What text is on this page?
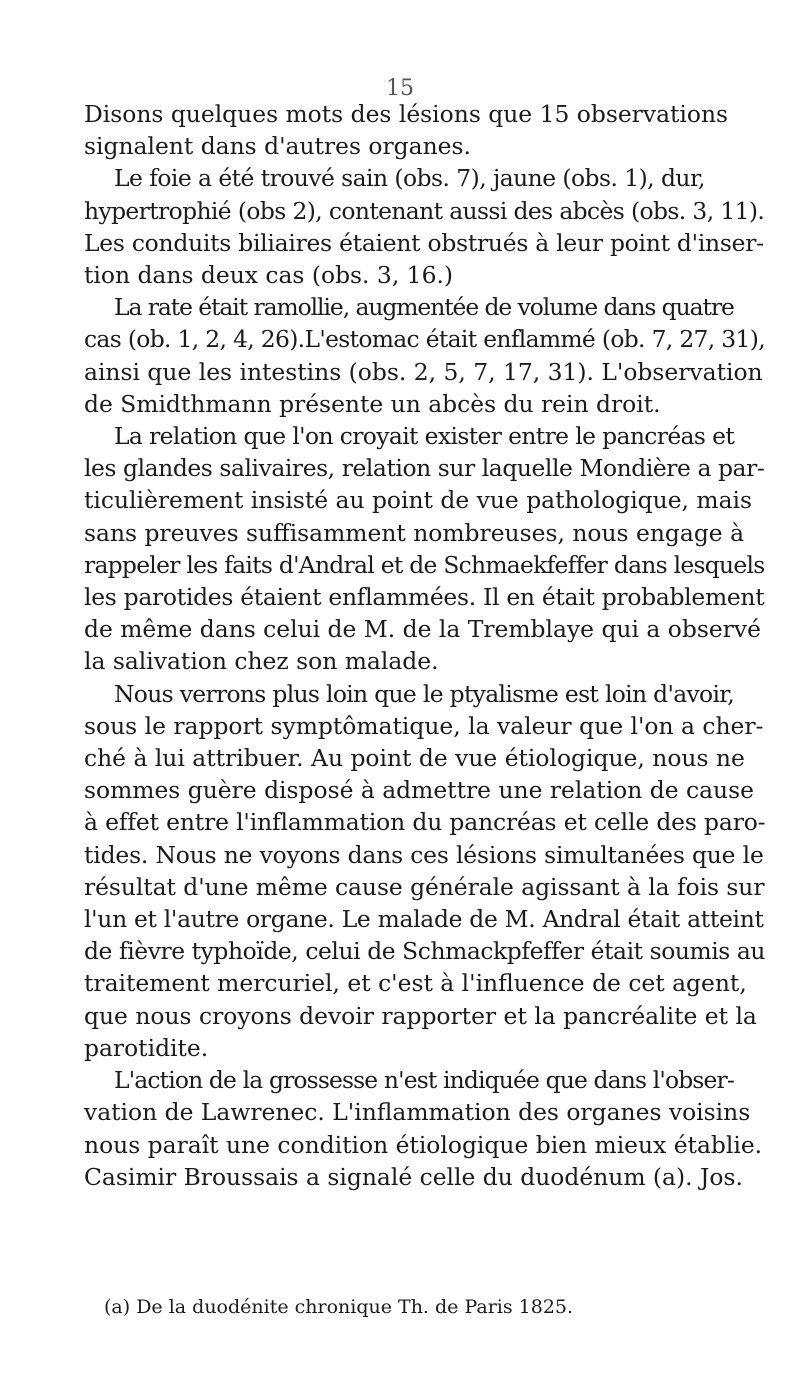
15
Disons quelques mots des lésions que 15 observations
signalent dans d'autres organes.
Le foie a été trouvé sain (obs. 7), jaune (obs. 1), dur,
hypertrophié (obs 2), contenant aussi des abcès (obs. 3, 11).
Les conduits biliaires étaient obstrués à leur point d'inser-
tion dans deux cas (obs. 3, 16.)
La rate était ramollie, augmentée de volume dans quatre
cas (ob. 1, 2, 4, 26).L'estomac était enflammé (ob. 7, 27, 31),
ainsi que les intestins (obs. 2, 5, 7, 17, 31). L'observation
de Smidthmann présente un abcès du rein droit.
La relation que l'on croyait exister entre le pancréas et
les glandes salivaires, relation sur laquelle Mondière a par-
ticulièrement insisté au point de vue pathologique, mais
sans preuves suffisamment nombreuses, nous engage à
rappeler les faits d'Andral et de Schmaekfeffer dans lesquels
les parotides étaient enflammées. Il en était probablement
de même dans celui de M. de la Tremblaye qui a observé
la salivation chez son malade.
Nous verrons plus loin que le ptyalisme est loin d'avoir,
sous le rapport symptômatique, la valeur que l'on a cher-
ché à lui attribuer. Au point de vue étiologique, nous ne
sommes guère disposé à admettre une relation de cause
à effet entre l'inflammation du pancréas et celle des paro-
tides. Nous ne voyons dans ces lésions simultanées que le
résultat d'une même cause générale agissant à la fois sur
l'un et l'autre organe. Le malade de M. Andral était atteint
de fièvre typhoïde, celui de Schmackpfeffer était soumis au
traitement mercuriel, et c'est à l'influence de cet agent,
que nous croyons devoir rapporter et la pancréalite et la
parotidite.
L'action de la grossesse n'est indiquée que dans l'obser-
vation de Lawrenec. L'inflammation des organes voisins
nous paraît une condition étiologique bien mieux établie.
Casimir Broussais a signalé celle du duodénum (a). Jos.
(a) De la duodénite chronique Th. de Paris 1825.
